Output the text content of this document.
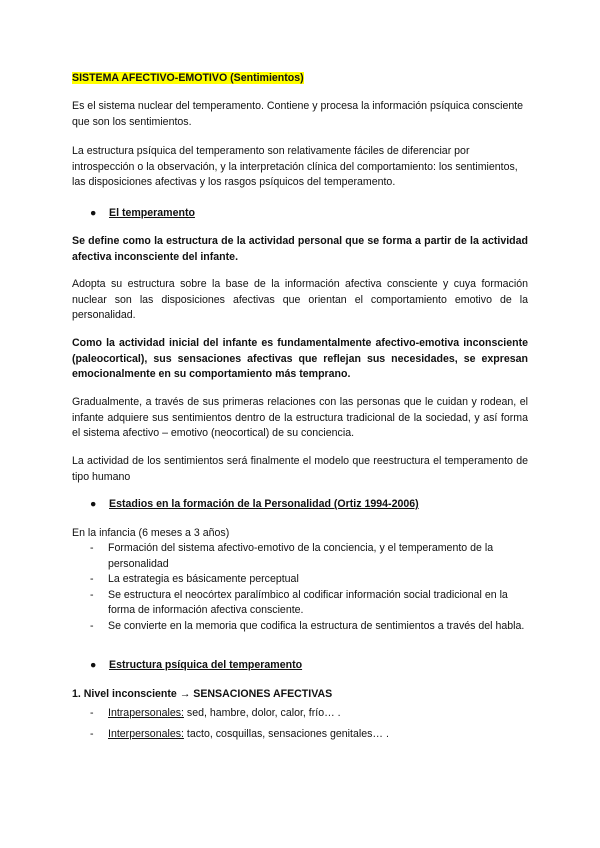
SISTEMA AFECTIVO-EMOTIVO (Sentimientos)

Es el sistema nuclear del temperamento. Contiene y procesa la información psíquica consciente que son los sentimientos.

La estructura psíquica del temperamento son relativamente fáciles de diferenciar por introspección o la observación, y la interpretación clínica del comportamiento: los sentimientos, las disposiciones afectivas y los rasgos psíquicos del temperamento.

● El temperamento

Se define como la estructura de la actividad personal que se forma a partir de la actividad afectiva inconsciente del infante.

Adopta su estructura sobre la base de la información afectiva consciente y cuya formación nuclear son las disposiciones afectivas que orientan el comportamiento emotivo de la personalidad.

Como la actividad inicial del infante es fundamentalmente afectivo-emotiva inconsciente (paleocortical), sus sensaciones afectivas que reflejan sus necesidades, se expresan emocionalmente en su comportamiento más temprano.

Gradualmente, a través de sus primeras relaciones con las personas que le cuidan y rodean, el infante adquiere sus sentimientos dentro de la estructura tradicional de la sociedad, y así forma el sistema afectivo – emotivo (neocortical) de su conciencia.

La actividad de los sentimientos será finalmente el modelo que reestructura el temperamento de tipo humano

● Estadios en la formación de la Personalidad (Ortiz 1994-2006)

En la infancia (6 meses a 3 años)

- Formación del sistema afectivo-emotivo de la conciencia, y el temperamento de la personalidad
- La estrategia es básicamente perceptual
- Se estructura el neocórtex paralímbico al codificar información social tradicional en la forma de información afectiva consciente.
- Se convierte en la memoria que codifica la estructura de sentimientos a través del habla.
● Estructura psíquica del temperamento

1. Nivel inconsciente → SENSACIONES AFECTIVAS

- Intrapersonales: sed, hambre, dolor, calor, frío… .
- Interpersonales: tacto, cosquillas, sensaciones genitales… .
